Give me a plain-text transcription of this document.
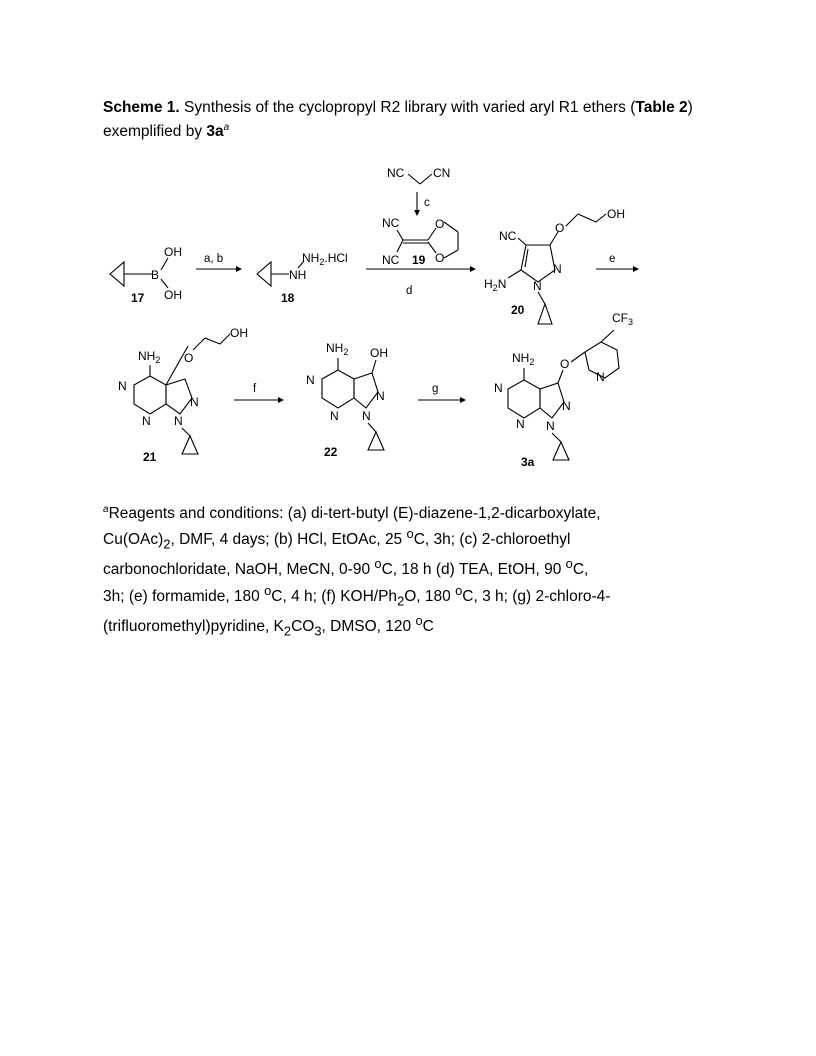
Scheme 1. Synthesis of the cyclopropyl R2 library with varied aryl R1 ethers (Table 2)
exemplified by $3a^a$
NC CN
c
NC
NC
O
O
19
B
OH
OH
17
a, b
NH
$NH_2.HCl$
18	d
NC
O
OH
N
N
$H_2N$
20
e
$NH_2$
N
N
O
OH
N
N
21
f
$NH_2$
N
N
OH
N
N
22
g
$NH_2$
N
N
O
$CF_3$
N
N
N
3a
$^a$Reagents and conditions: (a) di-tert-butyl (E)-diazene-1,2-dicarboxylate,
$Cu(OAc)_2$, DMF, 4 days; (b) HCl, EtOAc, 25 $^o$C, 3h; (c) 2-chloroethyl
carbonochloridate, NaOH, MeCN, 0-90 $^o$C, 18 h (d) TEA, EtOH, 90 $^o$C,
3h; (e) formamide, 180 $^o$C, 4 h; (f) KOH/$Ph_2O$, 180 $^o$C, 3 h; (g) 2-chloro-4-
(trifluoromethyl)pyridine, $K_2CO_3$, DMSO, 120 $^o$C
